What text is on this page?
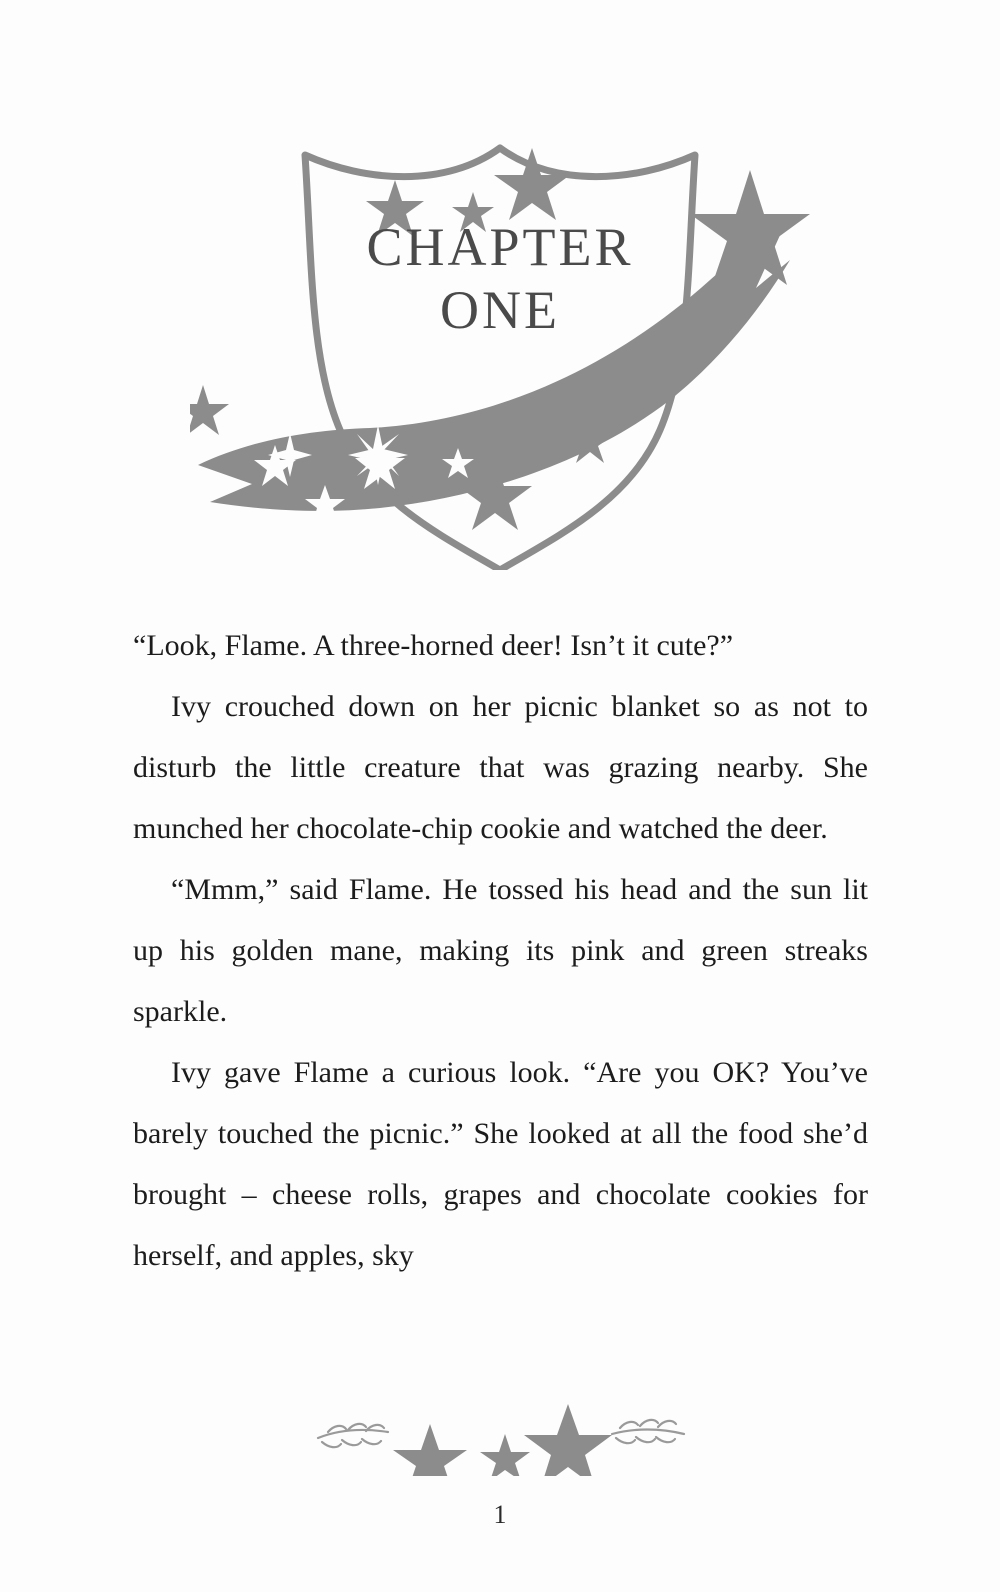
CHAPTER
ONE

“Look, Flame. A three-horned deer! Isn’t it cute?”

Ivy crouched down on her picnic blanket so as not to disturb the little creature that was grazing nearby. She munched her chocolate-chip cookie and watched the deer.

“Mmm,” said Flame. He tossed his head and the sun lit up his golden mane, making its pink and green streaks sparkle.

Ivy gave Flame a curious look. “Are you OK? You’ve barely touched the picnic.” She looked at all the food she’d brought – cheese rolls, grapes and chocolate cookies for herself, and apples, sky

1
